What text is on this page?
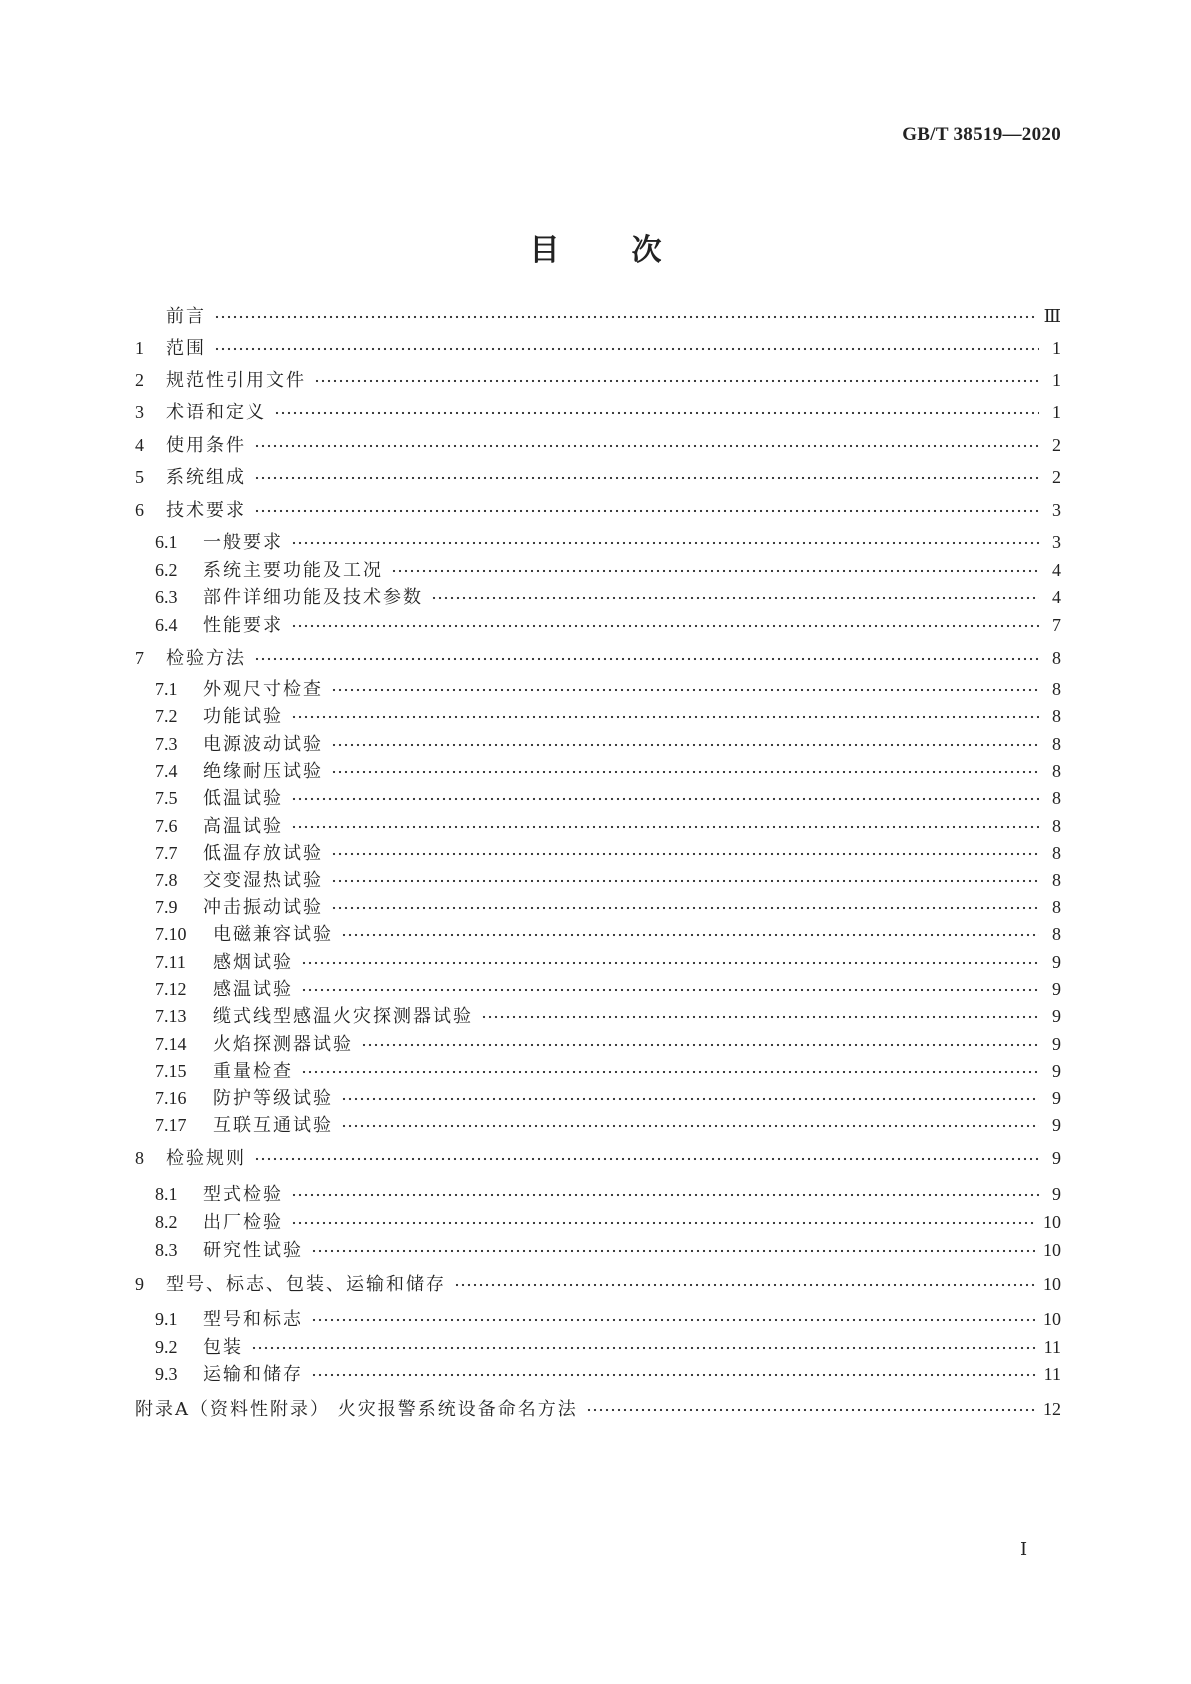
GB/T 38519—2020
目次
前言	Ⅲ
1	范围	1
2	规范性引用文件	1
3	术语和定义	1
4	使用条件	2
5	系统组成	2
6	技术要求	3
6.1	一般要求	3
6.2	系统主要功能及工况	4
6.3	部件详细功能及技术参数	4
6.4	性能要求	7
7	检验方法	8
7.1	外观尺寸检查	8
7.2	功能试验	8
7.3	电源波动试验	8
7.4	绝缘耐压试验	8
7.5	低温试验	8
7.6	高温试验	8
7.7	低温存放试验	8
7.8	交变湿热试验	8
7.9	冲击振动试验	8
7.10	电磁兼容试验	8
7.11	感烟试验	9
7.12	感温试验	9
7.13	缆式线型感温火灾探测器试验	9
7.14	火焰探测器试验	9
7.15	重量检查	9
7.16	防护等级试验	9
7.17	互联互通试验	9
8	检验规则	9
8.1	型式检验	9
8.2	出厂检验	10
8.3	研究性试验	10
9	型号、标志、包装、运输和储存	10
9.1	型号和标志	10
9.2	包装	11
9.3	运输和储存	11
附录A（资料性附录） 火灾报警系统设备命名方法	12
Ⅰ
